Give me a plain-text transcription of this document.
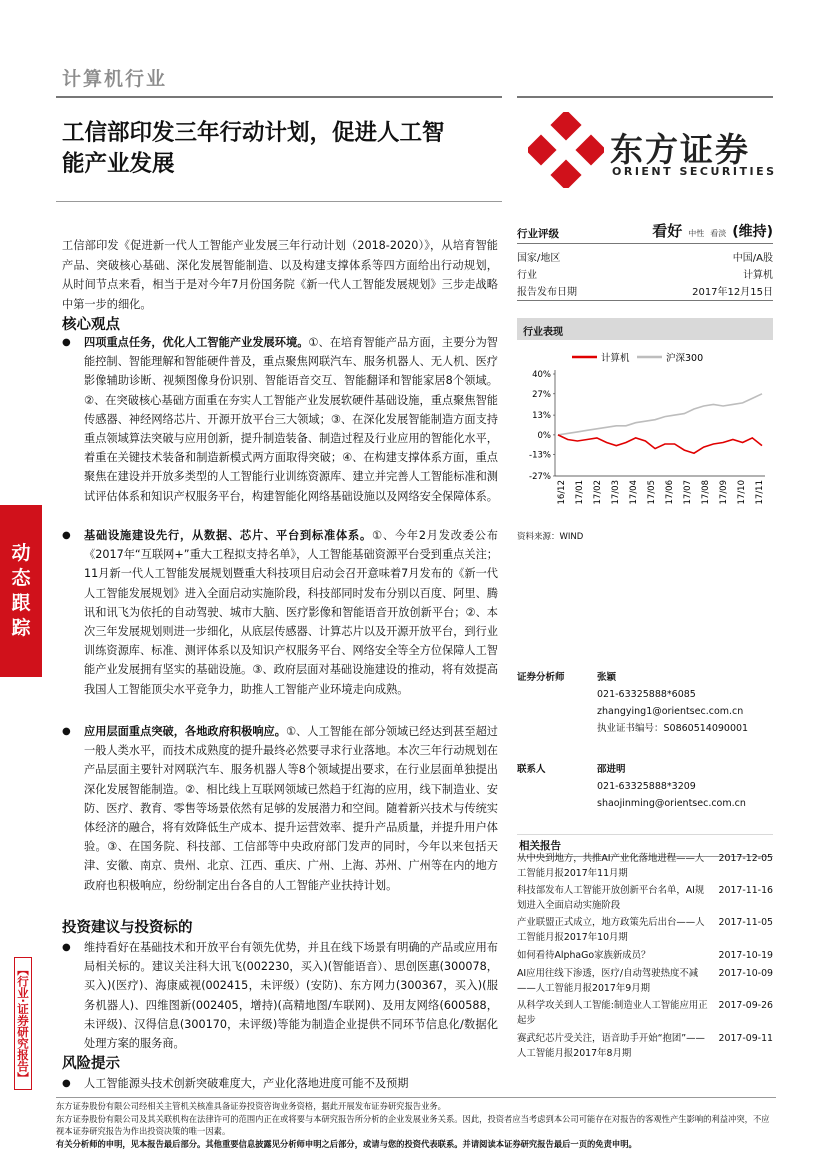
计算机行业
工信部印发三年行动计划，促进人工智
能产业发展	东方证券
ORIENT SECURITIES
工信部印发《促进新一代人工智能产业发展三年行动计划（2018-2020）》，从培育智能产品、突破核心基础、深化发展智能制造、以及构建支撑体系等四方面给出行动规划，从时间节点来看，相当于是对今年7月份国务院《新一代人工智能发展规划》三步走战略中第一步的细化。
核心观点
● 四项重点任务，优化人工智能产业发展环境。①、在培育智能产品方面，主要分为智能控制、智能理解和智能硬件普及，重点聚焦网联汽车、服务机器人、无人机、医疗影像辅助诊断、视频图像身份识别、智能语音交互、智能翻译和智能家居8个领域。②、在突破核心基础方面重在夯实人工智能产业发展软硬件基础设施，重点聚焦智能传感器、神经网络芯片、开源开放平台三大领域；③、在深化发展智能制造方面支持重点领域算法突破与应用创新，提升制造装备、制造过程及行业应用的智能化水平，着重在关键技术装备和制造新模式两方面取得突破；④、在构建支撑体系方面，重点聚焦在建设并开放多类型的人工智能行业训练资源库、建立并完善人工智能标准和测试评估体系和知识产权服务平台，构建智能化网络基础设施以及网络安全保障体系。
● 基础设施建设先行，从数据、芯片、平台到标准体系。①、今年2月发改委公布《2017年“互联网+”重大工程拟支持名单》，人工智能基础资源平台受到重点关注；11月新一代人工智能发展规划暨重大科技项目启动会召开意味着7月发布的《新一代人工智能发展规划》进入全面启动实施阶段，科技部同时发布分别以百度、阿里、腾讯和讯飞为依托的自动驾驶、城市大脑、医疗影像和智能语音开放创新平台；②、本次三年发展规划则进一步细化，从底层传感器、计算芯片以及开源开放平台，到行业训练资源库、标准、测评体系以及知识产权服务平台、网络安全等全方位保障人工智能产业发展拥有坚实的基础设施。③、政府层面对基础设施建设的推动，将有效提高我国人工智能顶尖水平竞争力，助推人工智能产业环境走向成熟。
● 应用层面重点突破，各地政府积极响应。①、人工智能在部分领域已经达到甚至超过一般人类水平，而技术成熟度的提升最终必然要寻求行业落地。本次三年行动规划在产品层面主要针对网联汽车、服务机器人等8个领域提出要求，在行业层面单独提出深化发展智能制造。②、相比线上互联网领域已然趋于红海的应用，线下制造业、安防、医疗、教育、零售等场景依然有足够的发展潜力和空间。随着新兴技术与传统实体经济的融合，将有效降低生产成本、提升运营效率、提升产品质量，并提升用户体验。③、在国务院、科技部、工信部等中央政府部门发声的同时，今年以来包括天津、安徽、南京、贵州、北京、江西、重庆、广州、上海、苏州、广州等在内的地方政府也积极响应，纷纷制定出台各自的人工智能产业扶持计划。
投资建议与投资标的
● 维持看好在基础技术和开放平台有领先优势，并且在线下场景有明确的产品或应用布局相关标的。建议关注科大讯飞(002230，买入)(智能语音）、思创医惠(300078，买入)(医疗)、海康威视(002415，未评级）(安防)、东方网力(300367，买入)(服务机器人)、四维图新(002405，增持)(高精地图/车联网)、及用友网络(600588，未评级)、汉得信息(300170，未评级)等能为制造企业提供不同环节信息化/数据化处理方案的服务商。
风险提示
● 人工智能源头技术创新突破难度大，产业化落地进度可能不及预期
动
态
跟
踪
【行业·证券研究报告】
行业评级	看好 中性 看淡 (维持)
国家/地区	中国/A股
行业	计算机
报告发布日期	2017年12月15日
行业表现
计算机	沪深300
40%
27%
13%
0%
-13%
-27%
16/12 17/01 17/02 17/03 17/04 17/05 17/06 17/07 17/08 17/09 17/10 17/11
资料来源：WIND
证券分析师	张颖
021-63325888*6085
zhangying1@orientsec.com.cn
执业证书编号：S0860514090001
联系人	邵进明
021-63325888*3209
shaojinming@orientsec.com.cn
相关报告
从中央到地方，共推AI产业化落地进程——人工智能月报2017年11月期
2017-12-05
科技部发布人工智能开放创新平台名单，AI规划进入全面启动实施阶段
2017-11-16
产业联盟正式成立，地方政策先后出台——人工智能月报2017年10月期
2017-11-05
如何看待AlphaGo家族新成员？	2017-10-19
AI应用往线下渗透，医疗/自动驾驶热度不减——人工智能月报2017年9月期
2017-10-09
从科学攻关到人工智能:制造业人工智能应用正起步
2017-09-26
赛武纪芯片受关注，语音助手开始“抱团”——人工智能月报2017年8月期
2017-09-11
东方证券股份有限公司经相关主管机关核准具备证券投资咨询业务资格，据此开展发布证券研究报告业务。
东方证券股份有限公司及其关联机构在法律许可的范围内正在或将要与本研究报告所分析的企业发展业务关系。因此，投资者应当考虑到本公司可能存在对报告的客观性产生影响的利益冲突，不应视本证券研究报告为作出投资决策的唯一因素。
有关分析师的申明，见本报告最后部分。其他重要信息披露见分析师申明之后部分，或请与您的投资代表联系。并请阅读本证券研究报告最后一页的免责申明。
